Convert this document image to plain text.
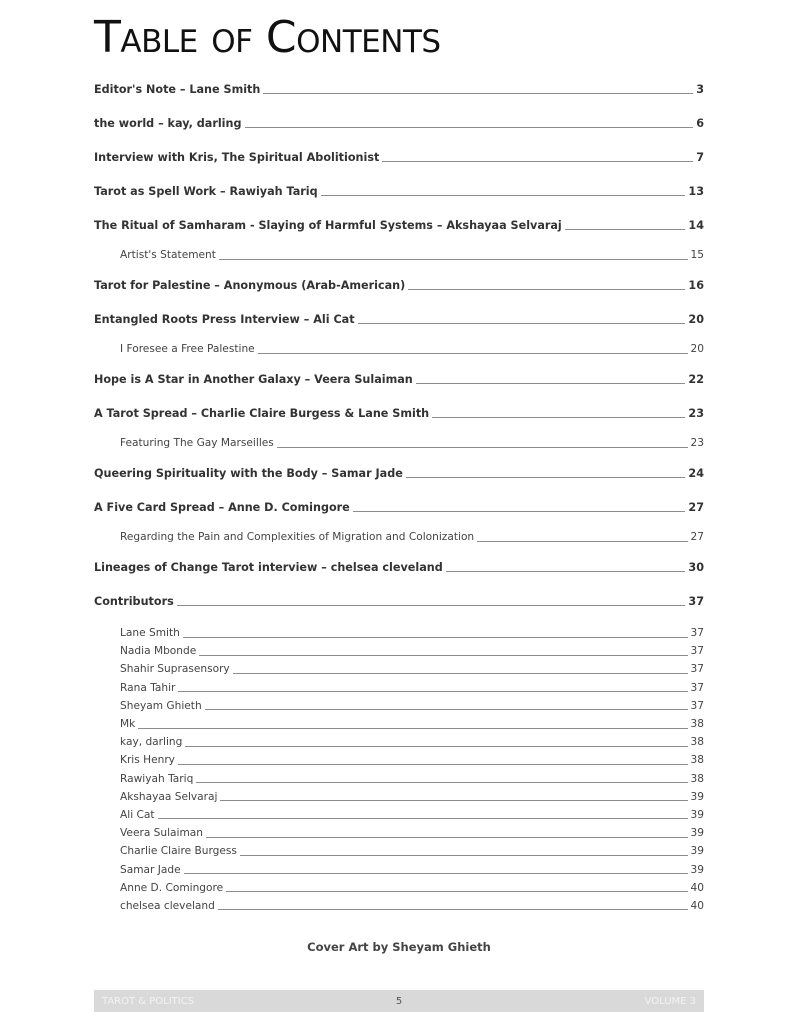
Table of Contents
Editor's Note – Lane Smith	3
the world – kay, darling	6
Interview with Kris, The Spiritual Abolitionist	7
Tarot as Spell Work – Rawiyah Tariq	13
The Ritual of Samharam - Slaying of Harmful Systems – Akshayaa Selvaraj	14
Artist's Statement	15
Tarot for Palestine – Anonymous (Arab-American)	16
Entangled Roots Press Interview – Ali Cat	20
I Foresee a Free Palestine	20
Hope is A Star in Another Galaxy – Veera Sulaiman	22
A Tarot Spread – Charlie Claire Burgess & Lane Smith	23
Featuring The Gay Marseilles	23
Queering Spirituality with the Body – Samar Jade	24
A Five Card Spread – Anne D. Comingore	27
Regarding the Pain and Complexities of Migration and Colonization	27
Lineages of Change Tarot interview – chelsea cleveland	30
Contributors	37
Lane Smith	37
Nadia Mbonde	37
Shahir Suprasensory	37
Rana Tahir	37
Sheyam Ghieth	37
Mk	38
kay, darling	38
Kris Henry	38
Rawiyah Tariq	38
Akshayaa Selvaraj	39
Ali Cat	39
Veera Sulaiman	39
Charlie Claire Burgess	39
Samar Jade	39
Anne D. Comingore	40
chelsea cleveland	40
Cover Art by Sheyam Ghieth
TAROT & POLITICS	5	VOLUME 3
